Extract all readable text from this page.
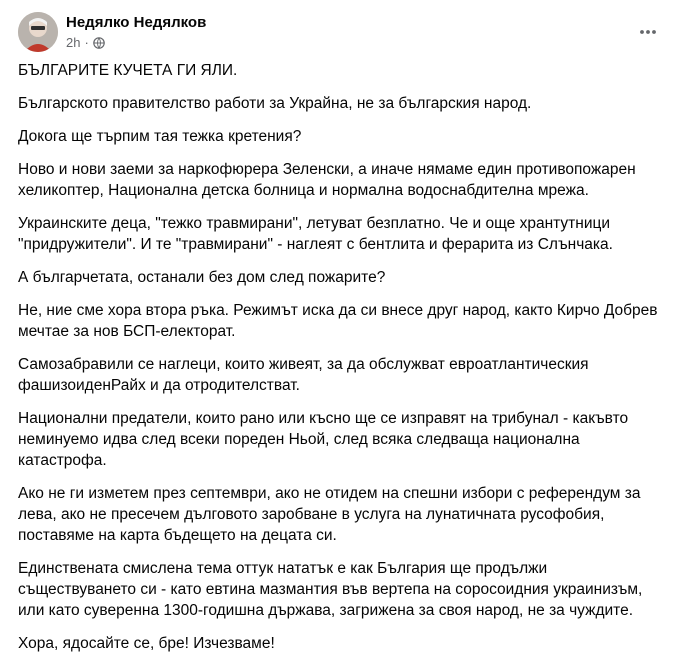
Недялко Недялков
2h ·

БЪЛГАРИТЕ КУЧЕТА ГИ ЯЛИ.

Българското правителство работи за Украйна, не за българския народ.

Докога ще търпим тая тежка кретения?

Ново и нови заеми за наркофюрера Зеленски, а иначе нямаме един противопожарен хеликоптер, Национална детска болница и нормална водоснабдителна мрежа.

Украинските деца, "тежко травмирани", летуват безплатно. Че и още хрантутници "придружители". И те "травмирани" - наглеят с бентлита и ферарита из Слънчака.

А българчетата, останали без дом след пожарите?

Не, ние сме хора втора ръка. Режимът иска да си внесе друг народ, както Кирчо Добрев мечтае за нов БСП-електорат.

Самозабравили се наглеци, които живеят, за да обслужват евроатлантическия фашизоиденРайх и да отродителстват.

Национални предатели, които рано или късно ще се изправят на трибунал - какъвто неминуемо идва след всеки пореден Ньой, след всяка следваща национална катастрофа.

Ако не ги изметем през септември, ако не отидем на спешни избори с референдум за лева, ако не пресечем дълговото заробване в услуга на лунатичната русофобия, поставяме на карта бъдещето на децата си.

Единствената смислена тема оттук нататък е как България ще продължи съществуването си - като евтина мазмантия във вертепа на соросоидния украинизъм, или като суверенна 1300-годишна държава, загрижена за своя народ, не за чуждите.

Хора, ядосайте се, бре! Изчезваме!
